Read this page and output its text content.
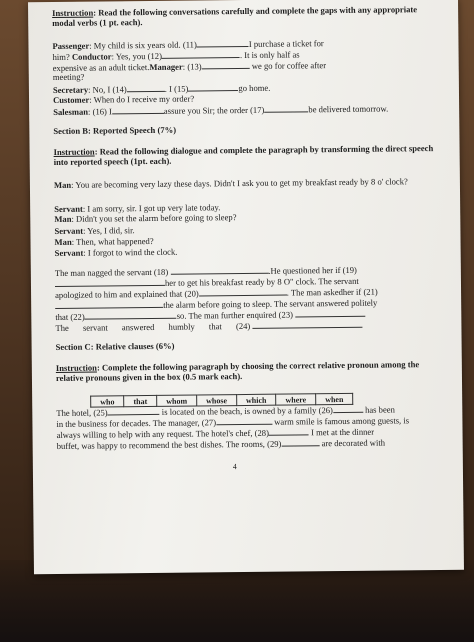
Instruction: Read the following conversations carefully and complete the gaps with any appropriate modal verbs (1 pt. each).
Passenger: My child is six years old. (11)	I purchase a ticket for
him? Conductor: Yes, you (12)	. It is only half as
expensive as an adult ticket.Manager: (13)	we go for coffee after
meeting?
Secretary: No, I (14)	. I (15)	go home.
Customer: When do I receive my order?
Salesman: (16) I	assure you Sir; the order (17)	be delivered tomorrow.
Section B: Reported Speech (7%)
Instruction: Read the following dialogue and complete the paragraph by transforming the direct speech into reported speech (1pt. each).
Man: You are becoming very lazy these days. Didn't I ask you to get my breakfast ready by 8 o' clock?
Servant: I am sorry, sir. I got up very late today.
Man: Didn't you set the alarm before going to sleep?
Servant: Yes, I did, sir.
Man: Then, what happened?
Servant: I forgot to wind the clock.
The man nagged the servant (18)	.He questioned her if (19)
her to get his breakfast ready by 8 O" clock. The servant
apologized to him and explained that (20)	. The man askedher if (21)
the alarm before going to sleep. The servant answered politely
that (22)	so. The man further enquired (23)
The servant answered humbly that (24)
Section C: Relative clauses (6%)
Instruction: Complete the following paragraph by choosing the correct relative pronoun among the relative pronouns given in the box (0.5 mark each).
who	that	whom	whose	which	where	when
The hotel, (25)	is located on the beach, is owned by a family (26)	has been
in the business for decades. The manager, (27)	warm smile is famous among guests, is
always willing to help with any request. The hotel's chef, (28)	I met at the dinner
buffet, was happy to recommend the best dishes. The rooms, (29)	are decorated with
4
